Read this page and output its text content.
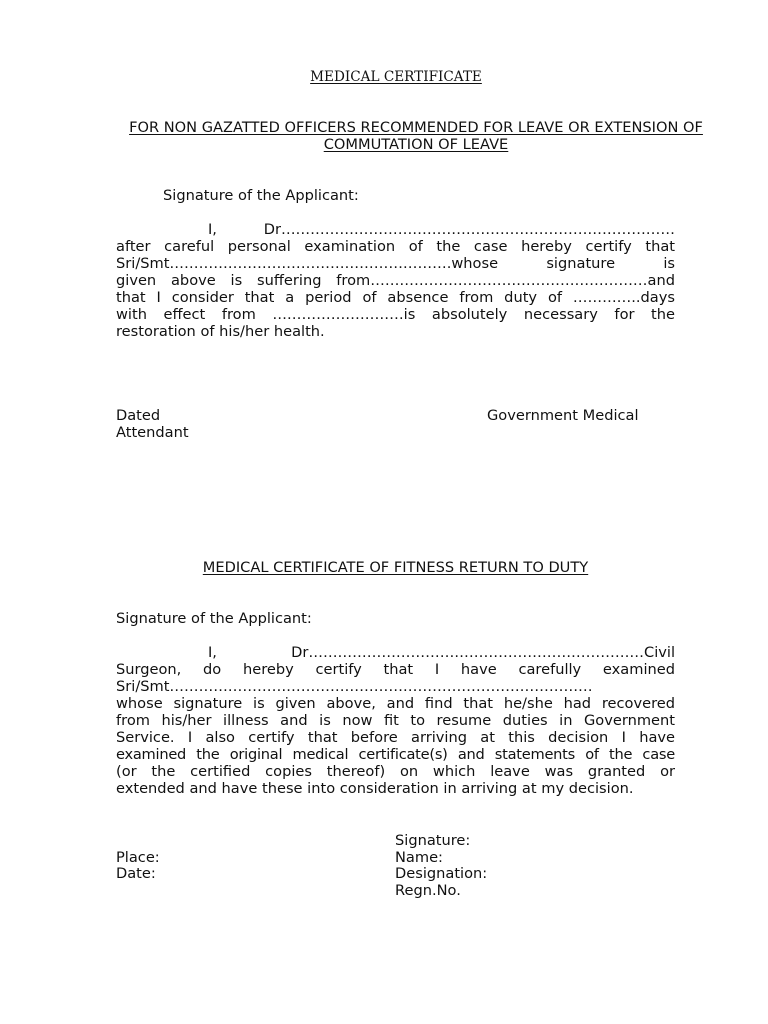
MEDICAL CERTIFICATE
FOR NON GAZATTED OFFICERS RECOMMENDED FOR LEAVE OR EXTENSION OF COMMUTATION OF LEAVE
Signature of the Applicant:
I, Dr………………………………………………………………………
after careful personal examination of the case hereby certify that
Sri/Smt………………………………………………….whose signature is
given above is suffering from…………………………………………………and
that I consider that a period of absence from duty of …………..days
with effect from ………………………is absolutely necessary for the
restoration of his/her health.
Dated	Government Medical
Attendant
MEDICAL CERTIFICATE OF FITNESS RETURN TO DUTY
Signature of the Applicant:
I, Dr……………………………………………………………Civil
Surgeon, do hereby certify that I have carefully examined
Sri/Smt……………………………………………………………………………
whose signature is given above, and find that he/she had recovered
from his/her illness and is now fit to resume duties in Government
Service. I also certify that before arriving at this decision I have
examined the original medical certificate(s) and statements of the case
(or the certified copies thereof) on which leave was granted or
extended and have these into consideration in arriving at my decision.
Signature:
Place:	Name:
Date:	Designation:
Regn.No.
